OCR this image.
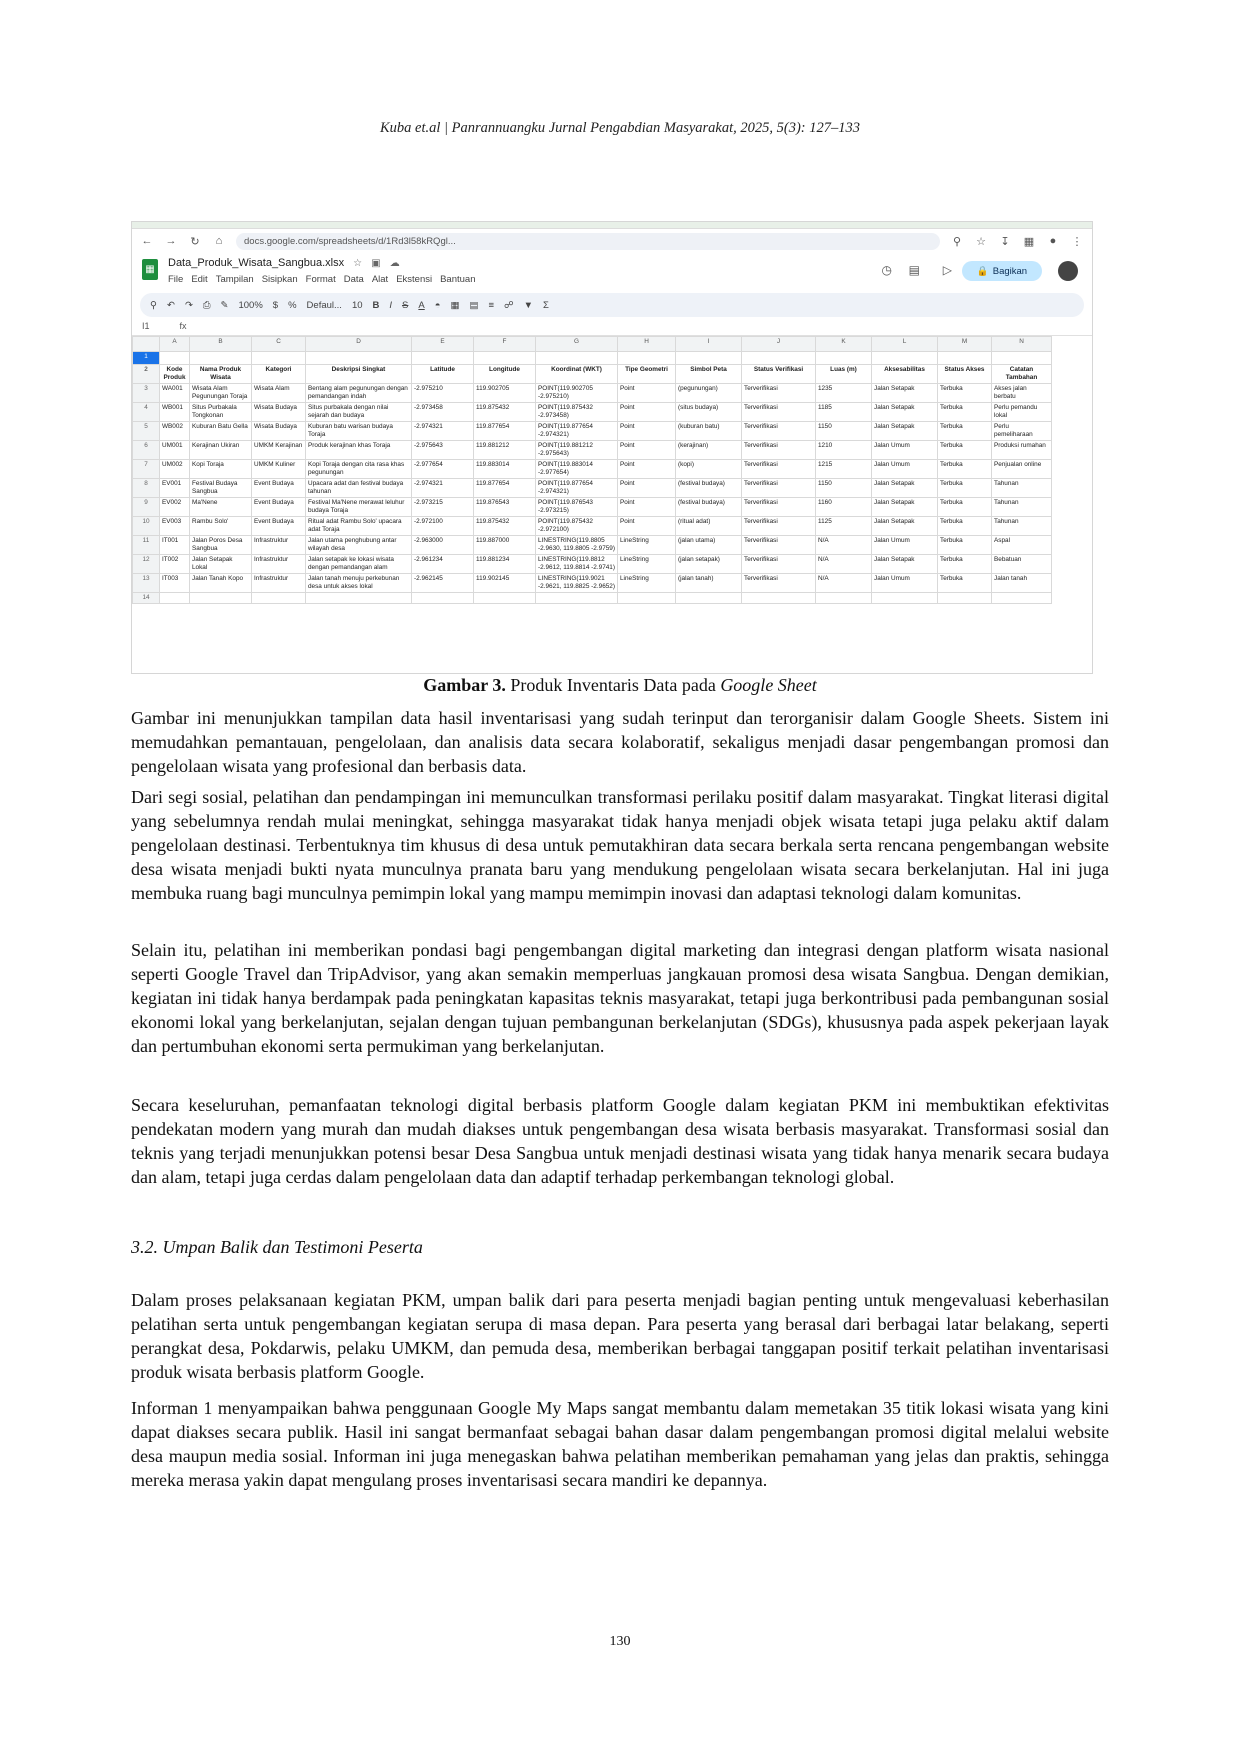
Kuba et.al | Panrannuangku Jurnal Pengabdian Masyarakat, 2025, 5(3): 127–133
← → ↻	⌂	docs.google.com/spreadsheets/d/1Rd3l58kRQgl...	⚲ ☆ ↧ ▦	●	⋮
▦
Data_Produk_Wisata_Sangbua.xlsx ☆ ▣ ☁
File Edit Tampilan Sisipkan Format Data Alat Ekstensi Bantuan
◷ ▤ ▷	🔒 Bagikan
⚲ ↶ ↷ ⎙ ✎ 100% $ % Defaul... 10 B I S A ◓ ▦ ▤ ≡ ☍ ▼ Σ
I1	fx
	A	B	C	D	E	F	G	H	I	J	K	L	M	N
1														
2	Kode Produk	Nama Produk Wisata	Kategori	Deskripsi Singkat	Latitude	Longitude	Koordinat (WKT)	Tipe Geometri	Simbol Peta	Status Verifikasi	Luas (m)	Aksesabilitas	Status Akses	Catatan Tambahan
3	WA001	Wisata Alam Pegunungan Toraja	Wisata Alam	Bentang alam pegunungan dengan pemandangan indah	-2.975210	119.902705	POINT(119.902705 -2.975210)	Point	(pegunungan)	Terverifikasi	1235	Jalan Setapak	Terbuka	Akses jalan berbatu
4	WB001	Situs Purbakala Tongkonan	Wisata Budaya	Situs purbakala dengan nilai sejarah dan budaya	-2.973458	119.875432	POINT(119.875432 -2.973458)	Point	(situs budaya)	Terverifikasi	1185	Jalan Setapak	Terbuka	Perlu pemandu lokal
5	WB002	Kuburan Batu Gella	Wisata Budaya	Kuburan batu warisan budaya Toraja	-2.974321	119.877654	POINT(119.877654 -2.974321)	Point	(kuburan batu)	Terverifikasi	1150	Jalan Setapak	Terbuka	Perlu pemeliharaan
6	UM001	Kerajinan Ukiran	UMKM Kerajinan	Produk kerajinan khas Toraja	-2.975643	119.881212	POINT(119.881212 -2.975643)	Point	(kerajinan)	Terverifikasi	1210	Jalan Umum	Terbuka	Produksi rumahan
7	UM002	Kopi Toraja	UMKM Kuliner	Kopi Toraja dengan cita rasa khas pegunungan	-2.977654	119.883014	POINT(119.883014 -2.977654)	Point	(kopi)	Terverifikasi	1215	Jalan Umum	Terbuka	Penjualan online
8	EV001	Festival Budaya Sangbua	Event Budaya	Upacara adat dan festival budaya tahunan	-2.974321	119.877654	POINT(119.877654 -2.974321)	Point	(festival budaya)	Terverifikasi	1150	Jalan Setapak	Terbuka	Tahunan
9	EV002	Ma'Nene	Event Budaya	Festival Ma'Nene merawat leluhur budaya Toraja	-2.973215	119.876543	POINT(119.876543 -2.973215)	Point	(festival budaya)	Terverifikasi	1160	Jalan Setapak	Terbuka	Tahunan
10	EV003	Rambu Solo'	Event Budaya	Ritual adat Rambu Solo' upacara adat Toraja	-2.972100	119.875432	POINT(119.875432 -2.972100)	Point	(ritual adat)	Terverifikasi	1125	Jalan Setapak	Terbuka	Tahunan
11	IT001	Jalan Poros Desa Sangbua	Infrastruktur	Jalan utama penghubung antar wilayah desa	-2.963000	119.887000	LINESTRING(119.8805 -2.9630, 119.8805 -2.9759)	LineString	(jalan utama)	Terverifikasi	N/A	Jalan Umum	Terbuka	Aspal
12	IT002	Jalan Setapak Lokal	Infrastruktur	Jalan setapak ke lokasi wisata dengan pemandangan alam	-2.961234	119.881234	LINESTRING(119.8812 -2.9612, 119.8814 -2.9741)	LineString	(jalan setapak)	Terverifikasi	N/A	Jalan Setapak	Terbuka	Bebatuan
13	IT003	Jalan Tanah Kopo	Infrastruktur	Jalan tanah menuju perkebunan desa untuk akses lokal	-2.962145	119.902145	LINESTRING(119.9021 -2.9621, 119.8825 -2.9652)	LineString	(jalan tanah)	Terverifikasi	N/A	Jalan Umum	Terbuka	Jalan tanah
14														
Gambar 3. Produk Inventaris Data pada Google Sheet

Gambar ini menunjukkan tampilan data hasil inventarisasi yang sudah terinput dan terorganisir dalam Google Sheets. Sistem ini memudahkan pemantauan, pengelolaan, dan analisis data secara kolaboratif, sekaligus menjadi dasar pengembangan promosi dan pengelolaan wisata yang profesional dan berbasis data.

Dari segi sosial, pelatihan dan pendampingan ini memunculkan transformasi perilaku positif dalam masyarakat. Tingkat literasi digital yang sebelumnya rendah mulai meningkat, sehingga masyarakat tidak hanya menjadi objek wisata tetapi juga pelaku aktif dalam pengelolaan destinasi. Terbentuknya tim khusus di desa untuk pemutakhiran data secara berkala serta rencana pengembangan website desa wisata menjadi bukti nyata munculnya pranata baru yang mendukung pengelolaan wisata secara berkelanjutan. Hal ini juga membuka ruang bagi munculnya pemimpin lokal yang mampu memimpin inovasi dan adaptasi teknologi dalam komunitas.

Selain itu, pelatihan ini memberikan pondasi bagi pengembangan digital marketing dan integrasi dengan platform wisata nasional seperti Google Travel dan TripAdvisor, yang akan semakin memperluas jangkauan promosi desa wisata Sangbua. Dengan demikian, kegiatan ini tidak hanya berdampak pada peningkatan kapasitas teknis masyarakat, tetapi juga berkontribusi pada pembangunan sosial ekonomi lokal yang berkelanjutan, sejalan dengan tujuan pembangunan berkelanjutan (SDGs), khususnya pada aspek pekerjaan layak dan pertumbuhan ekonomi serta permukiman yang berkelanjutan.

Secara keseluruhan, pemanfaatan teknologi digital berbasis platform Google dalam kegiatan PKM ini membuktikan efektivitas pendekatan modern yang murah dan mudah diakses untuk pengembangan desa wisata berbasis masyarakat. Transformasi sosial dan teknis yang terjadi menunjukkan potensi besar Desa Sangbua untuk menjadi destinasi wisata yang tidak hanya menarik secara budaya dan alam, tetapi juga cerdas dalam pengelolaan data dan adaptif terhadap perkembangan teknologi global.

3.2. Umpan Balik dan Testimoni Peserta

Dalam proses pelaksanaan kegiatan PKM, umpan balik dari para peserta menjadi bagian penting untuk mengevaluasi keberhasilan pelatihan serta untuk pengembangan kegiatan serupa di masa depan. Para peserta yang berasal dari berbagai latar belakang, seperti perangkat desa, Pokdarwis, pelaku UMKM, dan pemuda desa, memberikan berbagai tanggapan positif terkait pelatihan inventarisasi produk wisata berbasis platform Google.

Informan 1 menyampaikan bahwa penggunaan Google My Maps sangat membantu dalam memetakan 35 titik lokasi wisata yang kini dapat diakses secara publik. Hasil ini sangat bermanfaat sebagai bahan dasar dalam pengembangan promosi digital melalui website desa maupun media sosial. Informan ini juga menegaskan bahwa pelatihan memberikan pemahaman yang jelas dan praktis, sehingga mereka merasa yakin dapat mengulang proses inventarisasi secara mandiri ke depannya.

130
